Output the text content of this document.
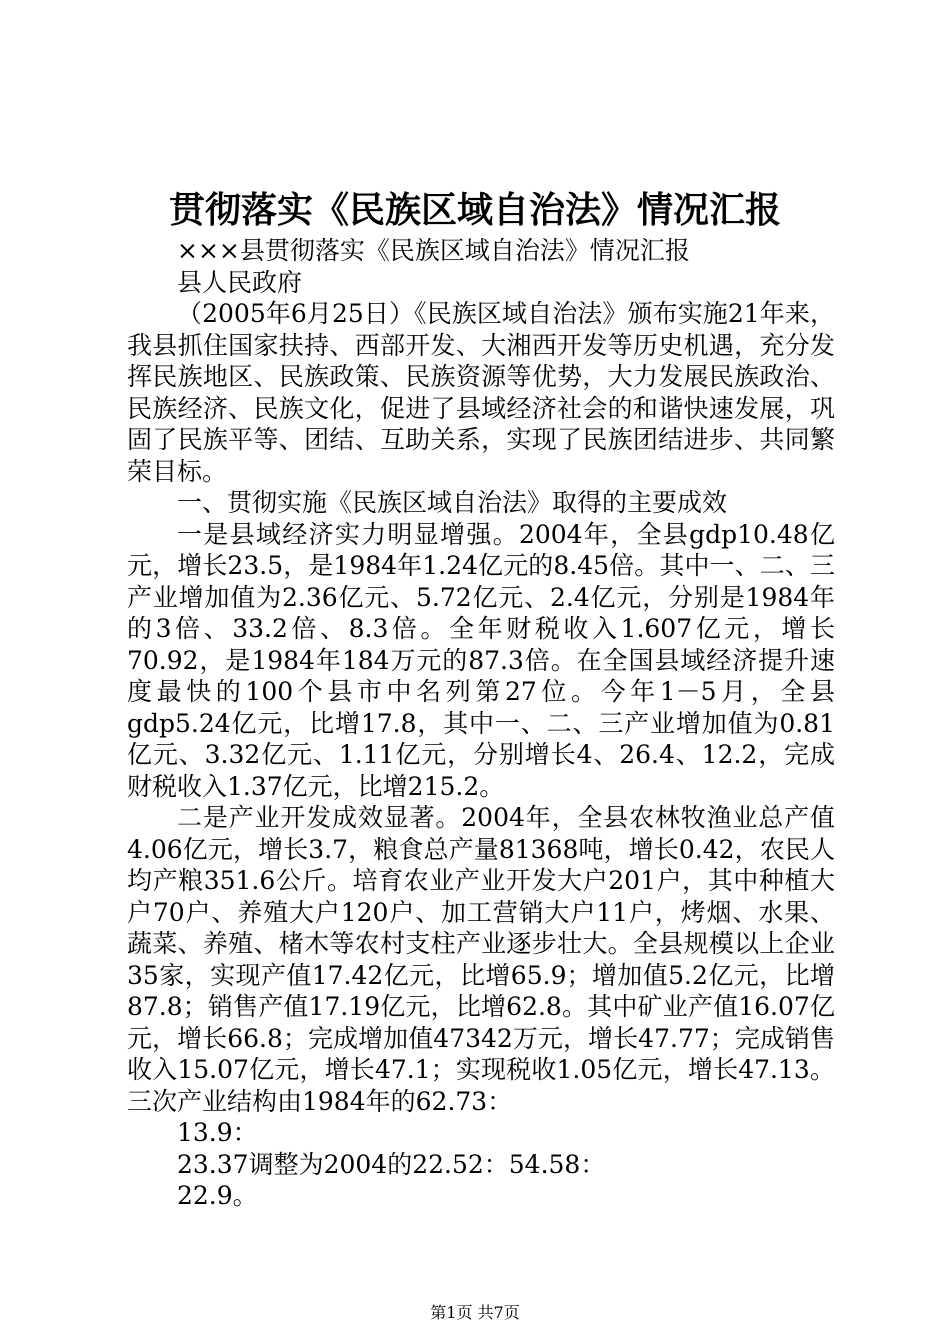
贯彻落实《民族区域自治法》情况汇报

×××县贯彻落实《民族区域自治法》情况汇报

县人民政府

（2005年6月25日）《民族区域自治法》颁布实施21年来，我县抓住国家扶持、西部开发、大湘西开发等历史机遇，充分发挥民族地区、民族政策、民族资源等优势，大力发展民族政治、民族经济、民族文化，促进了县域经济社会的和谐快速发展，巩固了民族平等、团结、互助关系，实现了民族团结进步、共同繁荣目标。

一、贯彻实施《民族区域自治法》取得的主要成效

一是县域经济实力明显增强。2004年，全县gdp10.48亿元，增长23.5，是1984年1.24亿元的8.45倍。其中一、二、三产业增加值为2.36亿元、5.72亿元、2.4亿元，分别是1984年的3倍、33.2倍、8.3倍。全年财税收入1.607亿元，增长70.92，是1984年184万元的87.3倍。在全国县域经济提升速度最快的100个县市中名列第27位。今年1－5月，全县gdp5.24亿元，比增17.8，其中一、二、三产业增加值为0.81亿元、3.32亿元、1.11亿元，分别增长4、26.4、12.2，完成财税收入1.37亿元，比增215.2。

二是产业开发成效显著。2004年，全县农林牧渔业总产值4.06亿元，增长3.7，粮食总产量81368吨，增长0.42，农民人均产粮351.6公斤。培育农业产业开发大户201户，其中种植大户70户、养殖大户120户、加工营销大户11户，烤烟、水果、蔬菜、养殖、楮木等农村支柱产业逐步壮大。全县规模以上企业35家，实现产值17.42亿元，比增65.9；增加值5.2亿元，比增87.8；销售产值17.19亿元，比增62.8。其中矿业产值16.07亿元，增长66.8；完成增加值47342万元，增长47.77；完成销售收入15.07亿元，增长47.1；实现税收1.05亿元，增长47.13。三次产业结构由1984年的62.73：

13.9：

23.37调整为2004的22.52：54.58：

22.9。

第1页 共7页
